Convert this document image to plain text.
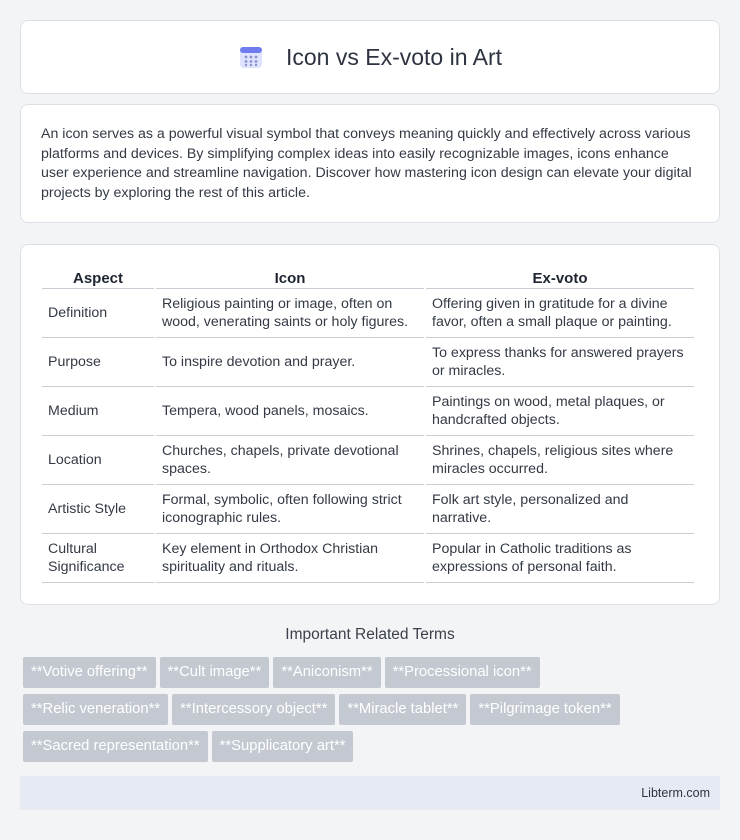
Icon vs Ex-voto in Art

An icon serves as a powerful visual symbol that conveys meaning quickly and effectively across various platforms and devices. By simplifying complex ideas into easily recognizable images, icons enhance user experience and streamline navigation. Discover how mastering icon design can elevate your digital projects by exploring the rest of this article.

Aspect	Icon	Ex-voto
Definition	Religious painting or image, often on wood, venerating saints or holy figures.	Offering given in gratitude for a divine favor, often a small plaque or painting.
Purpose	To inspire devotion and prayer.	To express thanks for answered prayers or miracles.
Medium	Tempera, wood panels, mosaics.	Paintings on wood, metal plaques, or handcrafted objects.
Location	Churches, chapels, private devotional spaces.	Shrines, chapels, religious sites where miracles occurred.
Artistic Style	Formal, symbolic, often following strict iconographic rules.	Folk art style, personalized and narrative.
Cultural Significance	Key element in Orthodox Christian spirituality and rituals.	Popular in Catholic traditions as expressions of personal faith.
Important Related Terms
**Votive offering** **Cult image** **Aniconism** **Processional icon**
**Relic veneration** **Intercessory object** **Miracle tablet** **Pilgrimage token**
**Sacred representation** **Supplicatory art**
Libterm.com
